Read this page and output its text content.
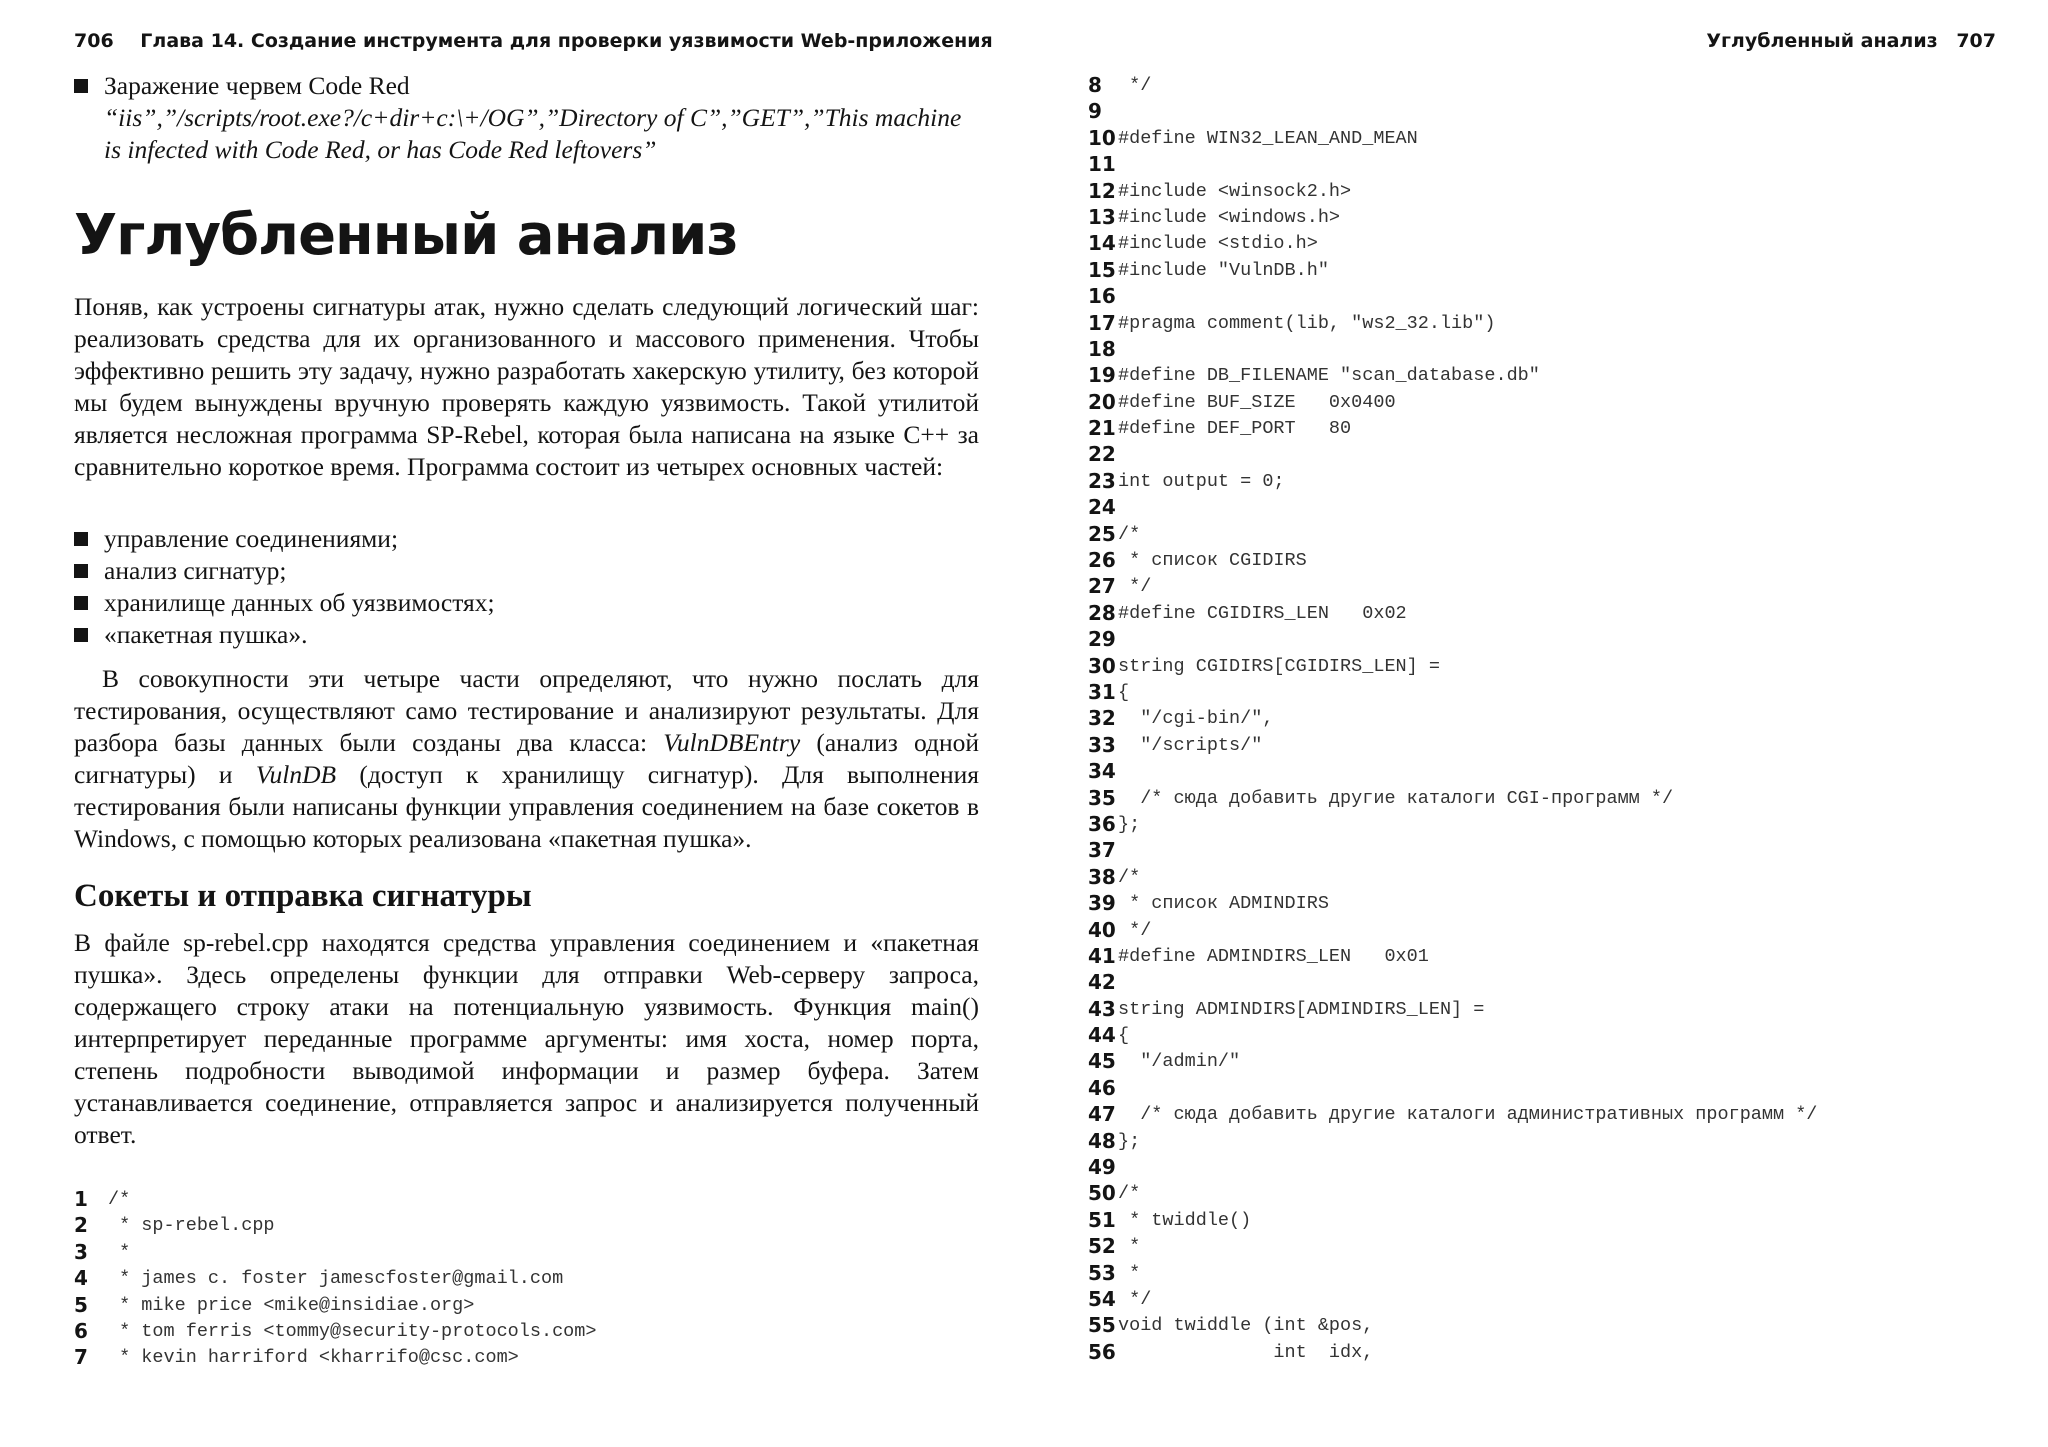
706 Глава 14. Создание инструмента для проверки уязвимости Web-приложения	Углубленный анализ 707
Заражение червем Code Red
“iis”,”/scripts/root.exe?/c+dir+c:\+/OG”,”Directory of C”,”GET”,”This machine
is infected with Code Red, or has Code Red leftovers”
Углубленный анализ

Поняв, как устроены сигнатуры атак, нужно сделать следующий логический шаг: реализовать средства для их организованного и массового применения. Чтобы эффективно решить эту задачу, нужно разработать хакерскую утилиту, без которой мы будем вынуждены вручную проверять каждую уязвимость. Такой утилитой является несложная программа SP-Rebel, которая была написана на языке C++ за сравнительно короткое время. Программа состоит из четырех основных частей:

управление соединениями;
анализ сигнатур;
хранилище данных об уязвимостях;
«пакетная пушка».

В совокупности эти четыре части определяют, что нужно послать для тестирования, осуществляют само тестирование и анализируют результаты. Для разбора базы данных были созданы два класса: VulnDBEntry (анализ одной сигнатуры) и VulnDB (доступ к хранилищу сигнатур). Для выполнения тестирования были написаны функции управления соединением на базе сокетов в Windows, с помощью которых реализована «пакетная пушка».

Сокеты и отправка сигнатуры

В файле sp-rebel.cpp находятся средства управления соединением и «пакетная пушка». Здесь определены функции для отправки Web-серверу запроса, содержащего строку атаки на потенциальную уязвимость. Функция main() интерпретирует переданные программе аргументы: имя хоста, номер порта, степень подробности выводимой информации и размер буфера. Затем устанавливается соединение, отправляется запрос и анализируется полученный ответ.

1 /*
2 * sp-rebel.cpp
3 *
4 * james c. foster jamescfoster@gmail.com
5 * mike price <mike@insidiae.org>
6 * tom ferris <tommy@security-protocols.com>
7 * kevin harriford <kharrifo@csc.com>
8 */
9
10 #define WIN32_LEAN_AND_MEAN
11
12 #include <winsock2.h>
13 #include <windows.h>
14 #include <stdio.h>
15 #include "VulnDB.h"
16
17 #pragma comment(lib, "ws2_32.lib")
18
19 #define DB_FILENAME "scan_database.db"
20 #define BUF_SIZE   0x0400
21 #define DEF_PORT   80
22
23 int output = 0;
24
25 /*
26 * список CGIDIRS
27 */
28 #define CGIDIRS_LEN   0x02
29
30 string CGIDIRS[CGIDIRS_LEN] =
31 {
32 "/cgi-bin/",
33 "/scripts/"
34
35 /* сюда добавить другие каталоги CGI-программ */
36 };
37
38 /*
39 * список ADMINDIRS
40 */
41 #define ADMINDIRS_LEN   0x01
42
43 string ADMINDIRS[ADMINDIRS_LEN] =
44 {
45 "/admin/"
46
47 /* сюда добавить другие каталоги административных программ */
48 };
49
50 /*
51 * twiddle()
52 *
53 *
54 */
55 void twiddle (int &pos,
56 int  idx,
